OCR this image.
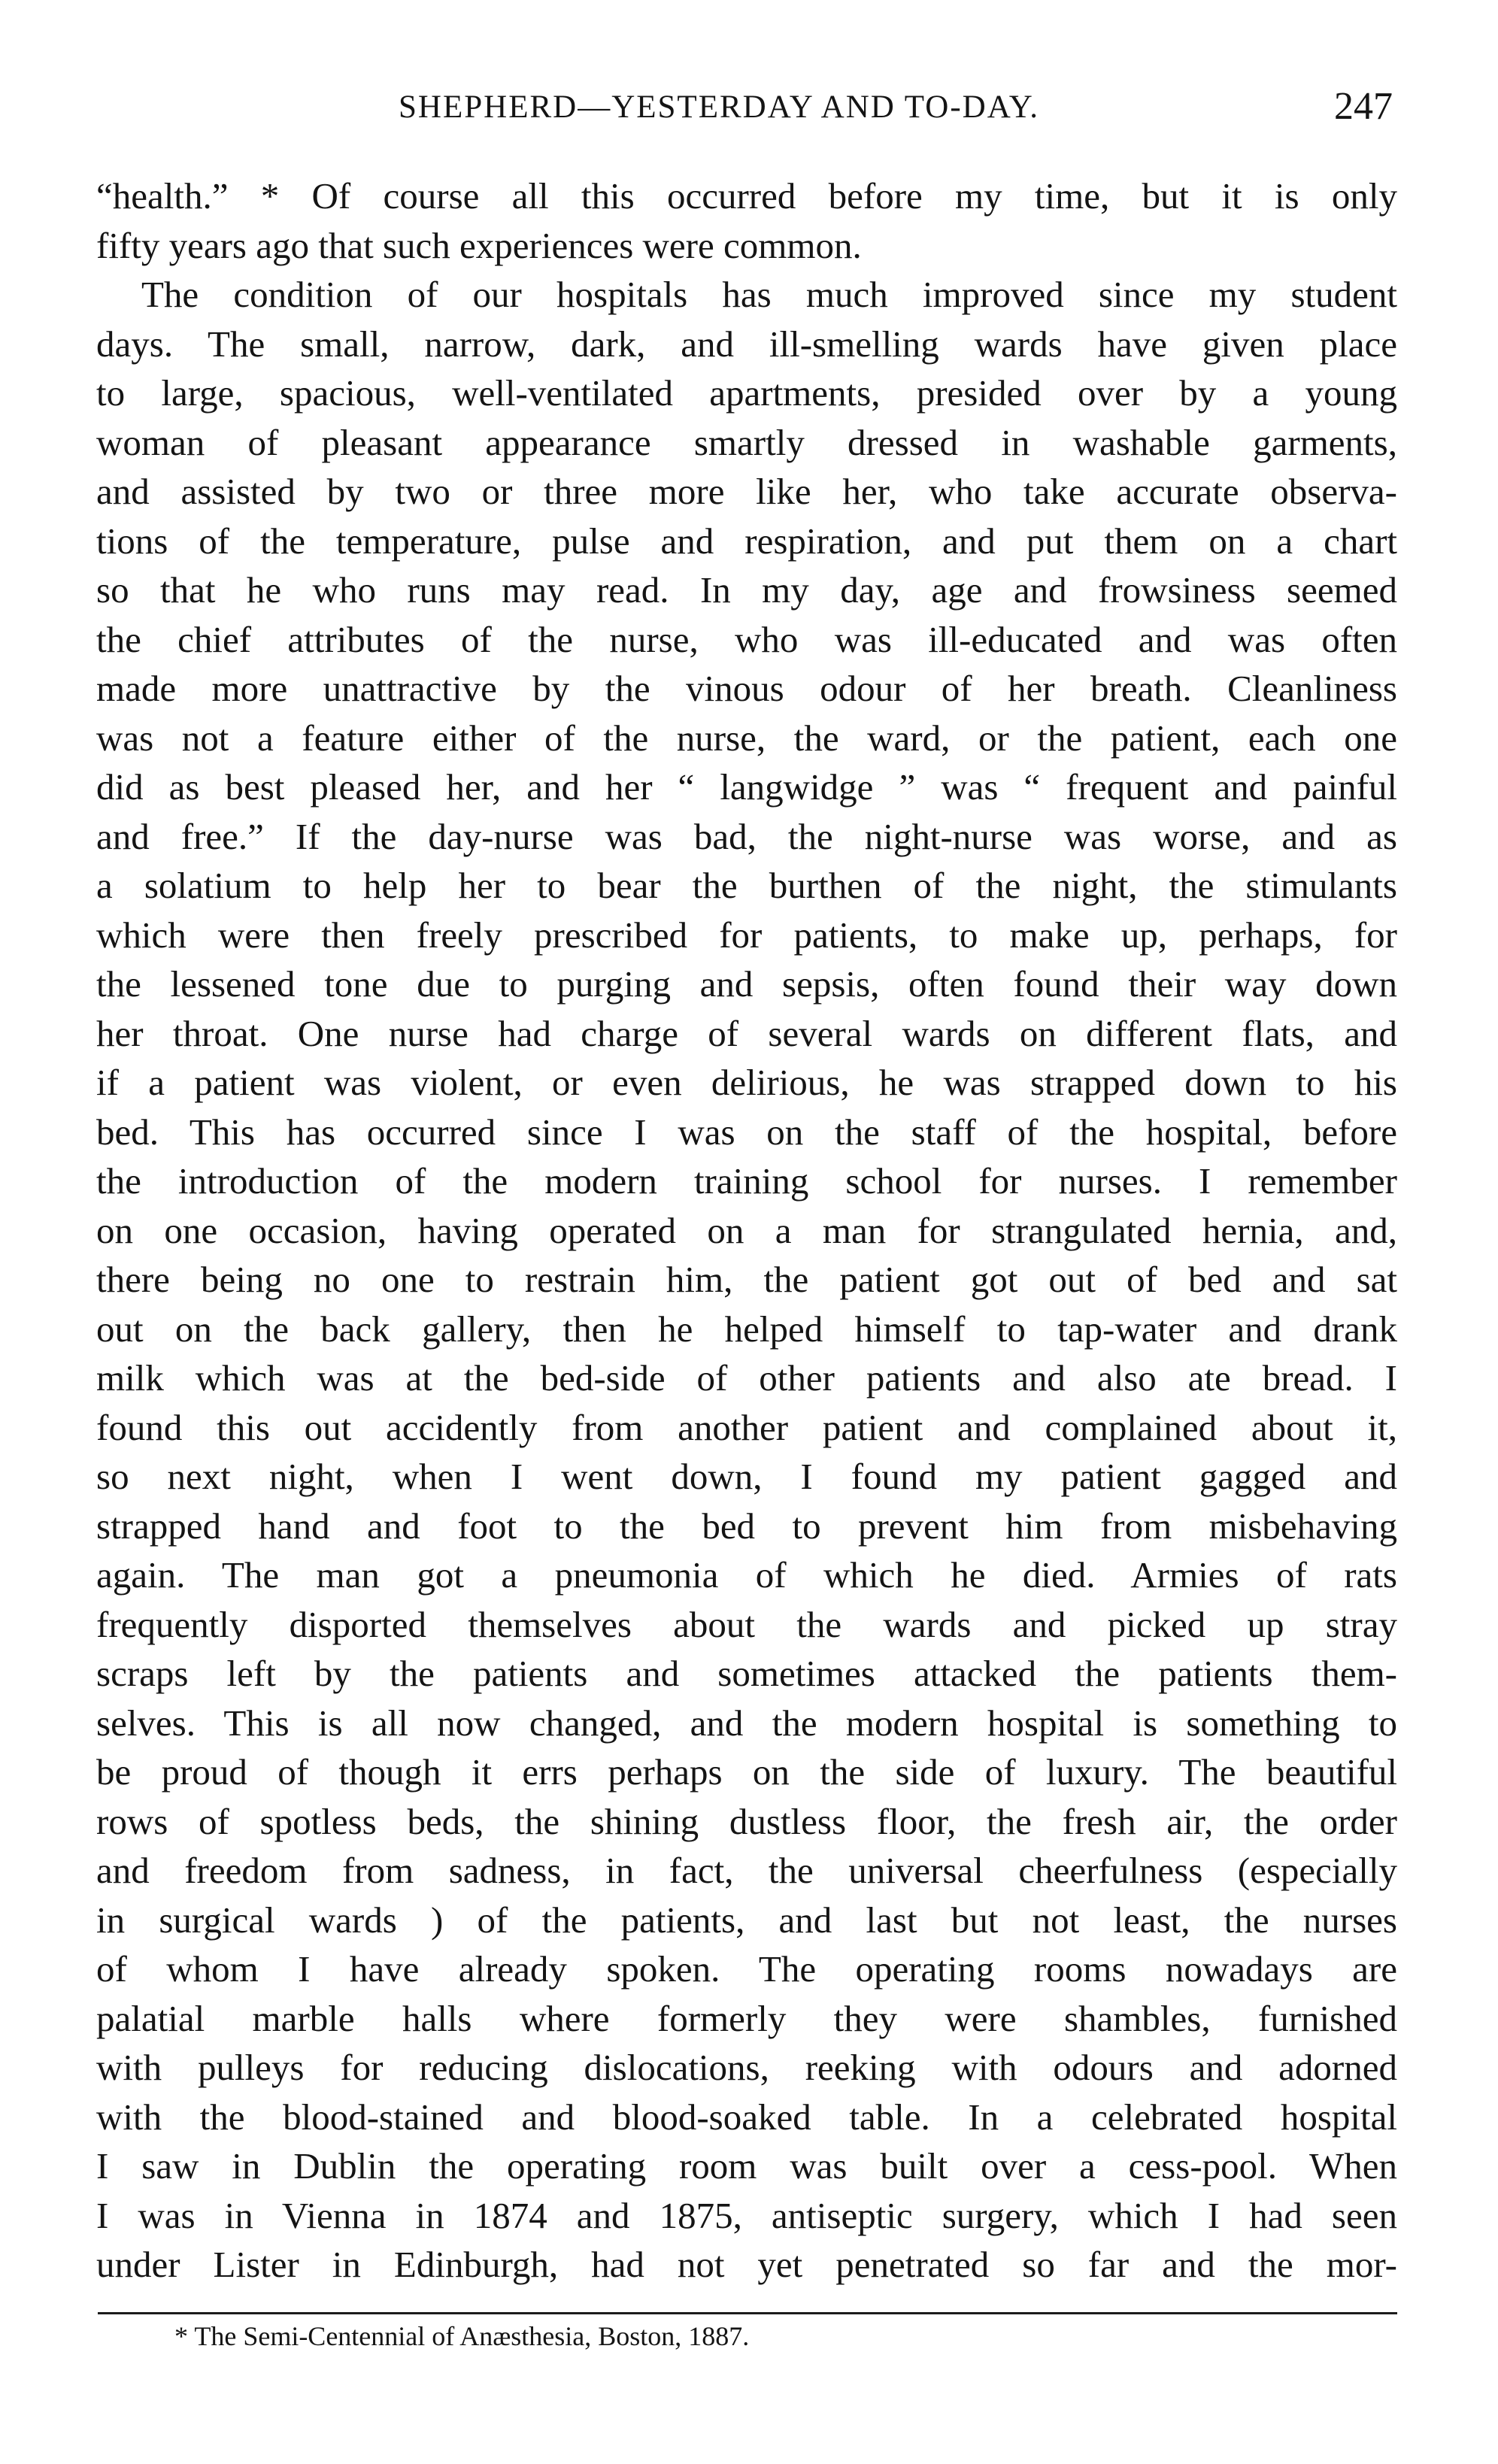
SHEPHERD—YESTERDAY AND TO-DAY.	247
“health.” * Of course all this occurred before my time, but it is only
fifty years ago that such experiences were common.
The condition of our hospitals has much improved since my student
days. The small, narrow, dark, and ill-smelling wards have given place
to large, spacious, well-ventilated apartments, presided over by a young
woman of pleasant appearance smartly dressed in washable garments,
and assisted by two or three more like her, who take accurate observa-
tions of the temperature, pulse and respiration, and put them on a chart
so that he who runs may read. In my day, age and frowsiness seemed
the chief attributes of the nurse, who was ill-educated and was often
made more unattractive by the vinous odour of her breath. Cleanliness
was not a feature either of the nurse, the ward, or the patient, each one
did as best pleased her, and her “ langwidge ” was “ frequent and painful
and free.” If the day-nurse was bad, the night-nurse was worse, and as
a solatium to help her to bear the burthen of the night, the stimulants
which were then freely prescribed for patients, to make up, perhaps, for
the lessened tone due to purging and sepsis, often found their way down
her throat. One nurse had charge of several wards on different flats, and
if a patient was violent, or even delirious, he was strapped down to his
bed. This has occurred since I was on the staff of the hospital, before
the introduction of the modern training school for nurses. I remember
on one occasion, having operated on a man for strangulated hernia, and,
there being no one to restrain him, the patient got out of bed and sat
out on the back gallery, then he helped himself to tap-water and drank
milk which was at the bed-side of other patients and also ate bread. I
found this out accidently from another patient and complained about it,
so next night, when I went down, I found my patient gagged and
strapped hand and foot to the bed to prevent him from misbehaving
again. The man got a pneumonia of which he died. Armies of rats
frequently disported themselves about the wards and picked up stray
scraps left by the patients and sometimes attacked the patients them-
selves. This is all now changed, and the modern hospital is something to
be proud of though it errs perhaps on the side of luxury. The beautiful
rows of spotless beds, the shining dustless floor, the fresh air, the order
and freedom from sadness, in fact, the universal cheerfulness (especially
in surgical wards ) of the patients, and last but not least, the nurses
of whom I have already spoken. The operating rooms nowadays are
palatial marble halls where formerly they were shambles, furnished
with pulleys for reducing dislocations, reeking with odours and adorned
with the blood-stained and blood-soaked table. In a celebrated hospital
I saw in Dublin the operating room was built over a cess-pool. When
I was in Vienna in 1874 and 1875, antiseptic surgery, which I had seen
under Lister in Edinburgh, had not yet penetrated so far and the mor-
* The Semi-Centennial of Anæsthesia, Boston, 1887.
